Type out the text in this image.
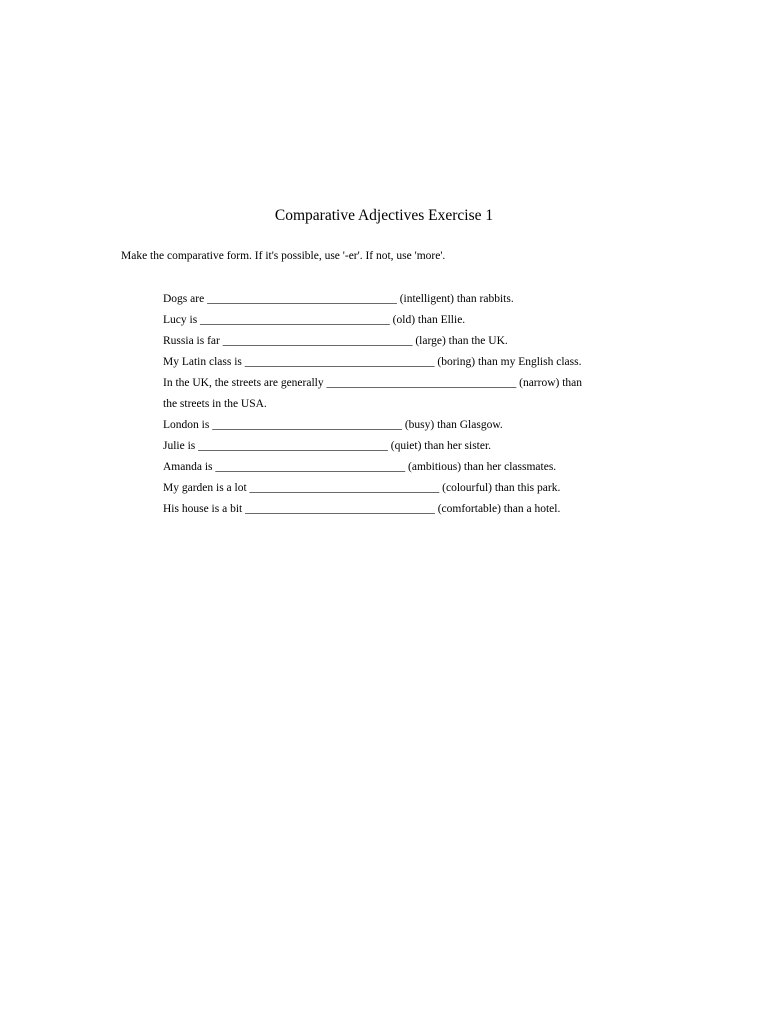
Comparative Adjectives Exercise 1
Make the comparative form. If it's possible, use '-er'. If not, use 'more'.
Dogs are _________________________________ (intelligent) than rabbits.
Lucy is _________________________________ (old) than Ellie.
Russia is far _________________________________ (large) than the UK.
My Latin class is _________________________________ (boring) than my English class.
In the UK, the streets are generally _________________________________ (narrow) than
the streets in the USA.
London is _________________________________ (busy) than Glasgow.
Julie is _________________________________ (quiet) than her sister.
Amanda is _________________________________ (ambitious) than her classmates.
My garden is a lot _________________________________ (colourful) than this park.
His house is a bit _________________________________ (comfortable) than a hotel.
